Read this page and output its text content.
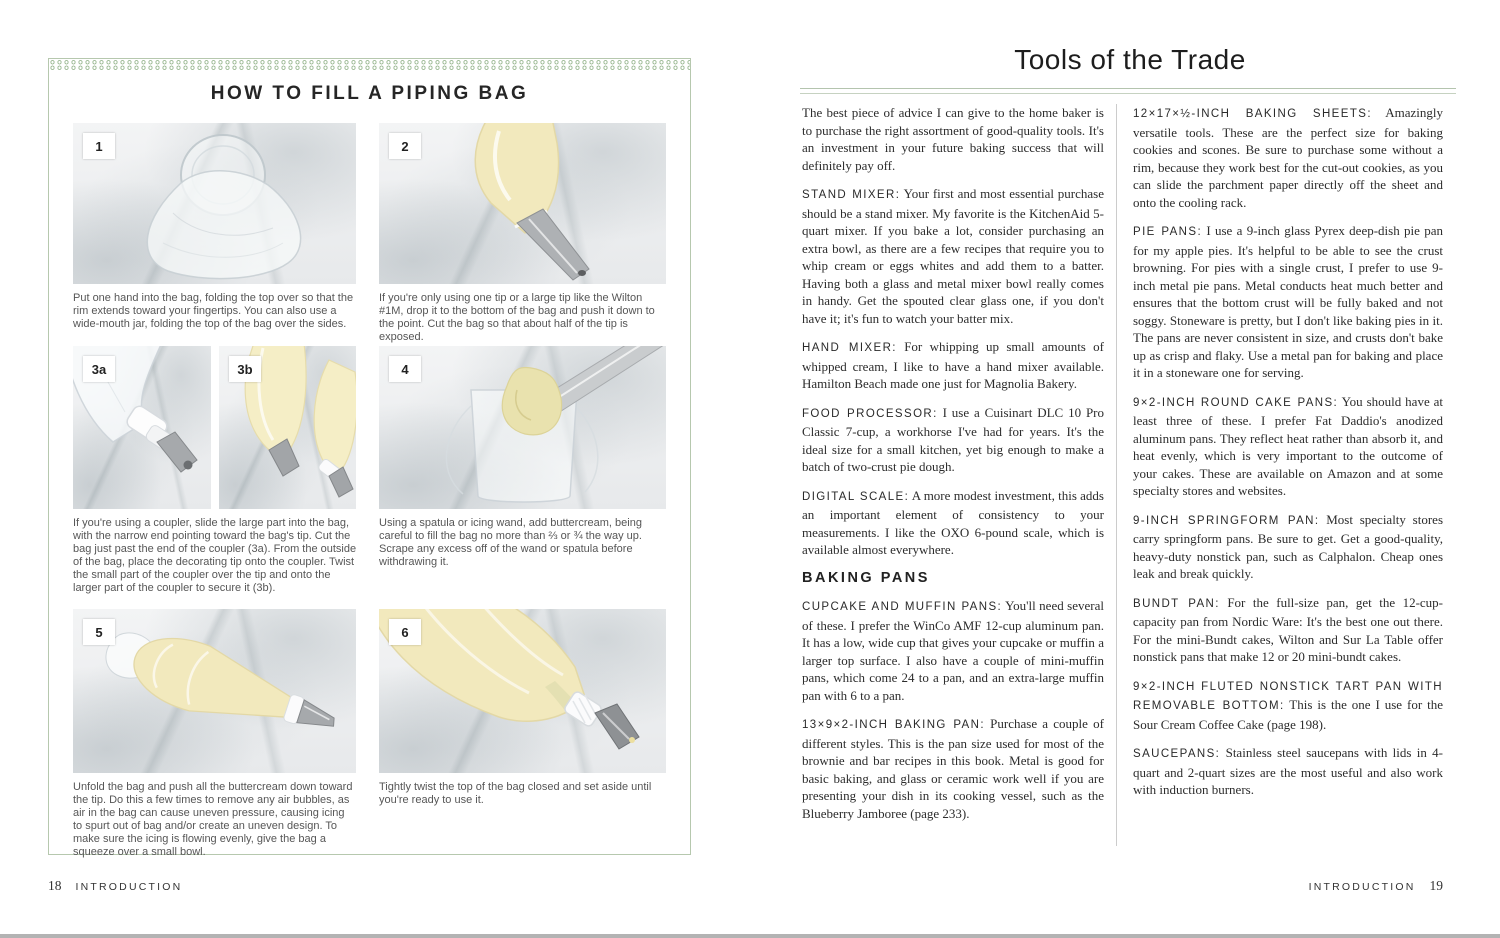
HOW TO FILL A PIPING BAG
1	2

Put one hand into the bag, folding the top over so that the rim extends toward your fingertips. You can also use a wide-mouth jar, folding the top of the bag over the sides.

If you're only using one tip or a large tip like the Wilton #1M, drop it to the bottom of the bag and push it down to the point. Cut the bag so that about half of the tip is exposed.

3a	3b	4

If you're using a coupler, slide the large part into the bag, with the narrow end pointing toward the bag's tip. Cut the bag just past the end of the coupler (3a). From the outside of the bag, place the decorating tip onto the coupler. Twist the small part of the coupler over the tip and onto the larger part of the coupler to secure it (3b).

Using a spatula or icing wand, add buttercream, being careful to fill the bag no more than ⅔ or ¾ the way up. Scrape any excess off of the wand or spatula before withdrawing it.

5	6

Unfold the bag and push all the buttercream down toward the tip. Do this a few times to remove any air bubbles, as air in the bag can cause uneven pressure, causing icing to spurt out of bag and/or create an uneven design. To make sure the icing is flowing evenly, give the bag a squeeze over a small bowl.

Tightly twist the top of the bag closed and set aside until you're ready to use it.

18 INTRODUCTION
Tools of the Trade

The best piece of advice I can give to the home baker is to purchase the right assortment of good-quality tools. It's an investment in your future baking success that will definitely pay off.

STAND MIXER: Your first and most essential purchase should be a stand mixer. My favorite is the KitchenAid 5-quart mixer. If you bake a lot, consider purchasing an extra bowl, as there are a few recipes that require you to whip cream or eggs whites and add them to a batter. Having both a glass and metal mixer bowl really comes in handy. Get the spouted clear glass one, if you don't have it; it's fun to watch your batter mix.

HAND MIXER: For whipping up small amounts of whipped cream, I like to have a hand mixer available. Hamilton Beach made one just for Magnolia Bakery.

FOOD PROCESSOR: I use a Cuisinart DLC 10 Pro Classic 7-cup, a workhorse I've had for years. It's the ideal size for a small kitchen, yet big enough to make a batch of two-crust pie dough.

DIGITAL SCALE: A more modest investment, this adds an important element of consistency to your measurements. I like the OXO 6-pound scale, which is available almost everywhere.

BAKING PANS

CUPCAKE AND MUFFIN PANS: You'll need several of these. I prefer the WinCo AMF 12-cup aluminum pan. It has a low, wide cup that gives your cupcake or muffin a larger top surface. I also have a couple of mini-muffin pans, which come 24 to a pan, and an extra-large muffin pan with 6 to a pan.

13×9×2-INCH BAKING PAN: Purchase a couple of different styles. This is the pan size used for most of the brownie and bar recipes in this book. Metal is good for basic baking, and glass or ceramic work well if you are presenting your dish in its cooking vessel, such as the Blueberry Jamboree (page 233).

12×17×½-INCH BAKING SHEETS: Amazingly versatile tools. These are the perfect size for baking cookies and scones. Be sure to purchase some without a rim, because they work best for the cut-out cookies, as you can slide the parchment paper directly off the sheet and onto the cooling rack.

PIE PANS: I use a 9-inch glass Pyrex deep-dish pie pan for my apple pies. It's helpful to be able to see the crust browning. For pies with a single crust, I prefer to use 9-inch metal pie pans. Metal conducts heat much better and ensures that the bottom crust will be fully baked and not soggy. Stoneware is pretty, but I don't like baking pies in it. The pans are never consistent in size, and crusts don't bake up as crisp and flaky. Use a metal pan for baking and place it in a stoneware one for serving.

9×2-INCH ROUND CAKE PANS: You should have at least three of these. I prefer Fat Daddio's anodized aluminum pans. They reflect heat rather than absorb it, and heat evenly, which is very important to the outcome of your cakes. These are available on Amazon and at some specialty stores and websites.

9-INCH SPRINGFORM PAN: Most specialty stores carry springform pans. Be sure to get. Get a good-quality, heavy-duty nonstick pan, such as Calphalon. Cheap ones leak and break quickly.

BUNDT PAN: For the full-size pan, get the 12-cup-capacity pan from Nordic Ware: It's the best one out there. For the mini-Bundt cakes, Wilton and Sur La Table offer nonstick pans that make 12 or 20 mini-bundt cakes.

9×2-INCH FLUTED NONSTICK TART PAN WITH REMOVABLE BOTTOM: This is the one I use for the Sour Cream Coffee Cake (page 198).

SAUCEPANS: Stainless steel saucepans with lids in 4-quart and 2-quart sizes are the most useful and also work with induction burners.

INTRODUCTION 19
